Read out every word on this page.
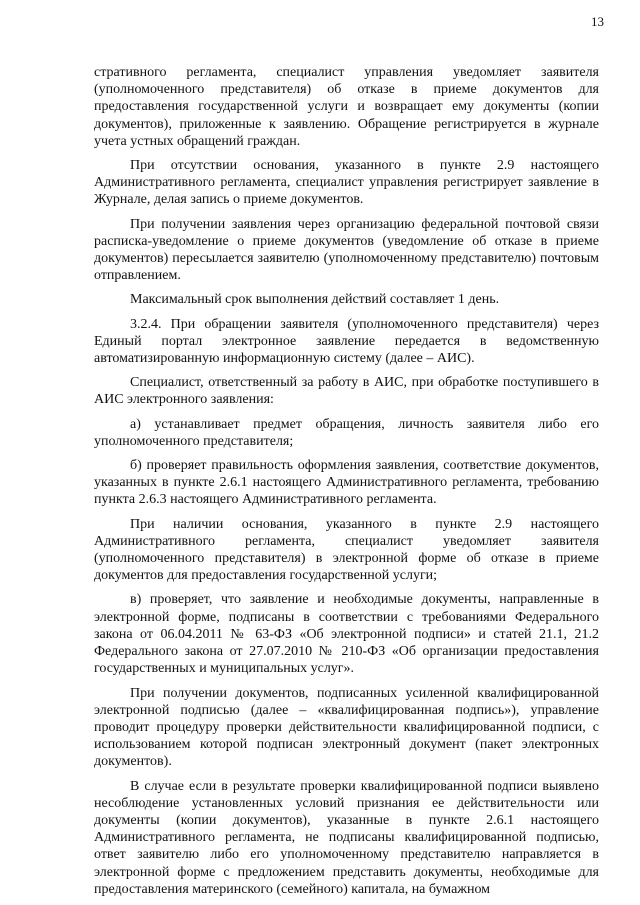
13

стративного регламента, специалист управления уведомляет заявителя (уполномоченного представителя) об отказе в приеме документов для предоставления государственной услуги и возвращает ему документы (копии документов), приложенные к заявлению. Обращение регистрируется в журнале учета устных обращений граждан.

При отсутствии основания, указанного в пункте 2.9 настоящего Административного регламента, специалист управления регистрирует заявление в Журнале, делая запись о приеме документов.

При получении заявления через организацию федеральной почтовой связи расписка-уведомление о приеме документов (уведомление об отказе в приеме документов) пересылается заявителю (уполномоченному представителю) почтовым отправлением.

Максимальный срок выполнения действий составляет 1 день.

3.2.4. При обращении заявителя (уполномоченного представителя) через Единый портал электронное заявление передается в ведомственную автоматизированную информационную систему (далее – АИС).

Специалист, ответственный за работу в АИС, при обработке поступившего в АИС электронного заявления:

а) устанавливает предмет обращения, личность заявителя либо его уполномоченного представителя;

б) проверяет правильность оформления заявления, соответствие документов, указанных в пункте 2.6.1 настоящего Административного регламента, требованию пункта 2.6.3 настоящего Административного регламента.

При наличии основания, указанного в пункте 2.9 настоящего Административного регламента, специалист уведомляет заявителя (уполномоченного представителя) в электронной форме об отказе в приеме документов для предоставления государственной услуги;

в) проверяет, что заявление и необходимые документы, направленные в электронной форме, подписаны в соответствии с требованиями Федерального закона от 06.04.2011 № 63-ФЗ «Об электронной подписи» и статей 21.1, 21.2 Федерального закона от 27.07.2010 № 210-ФЗ «Об организации предоставления государственных и муниципальных услуг».

При получении документов, подписанных усиленной квалифицированной электронной подписью (далее – «квалифицированная подпись»), управление проводит процедуру проверки действительности квалифицированной подписи, с использованием которой подписан электронный документ (пакет электронных документов).

В случае если в результате проверки квалифицированной подписи выявлено несоблюдение установленных условий признания ее действительности или документы (копии документов), указанные в пункте 2.6.1 настоящего Административного регламента, не подписаны квалифицированной подписью, ответ заявителю либо его уполномоченному представителю направляется в электронной форме с предложением представить документы, необходимые для предоставления материнского (семейного) капитала, на бумажном
